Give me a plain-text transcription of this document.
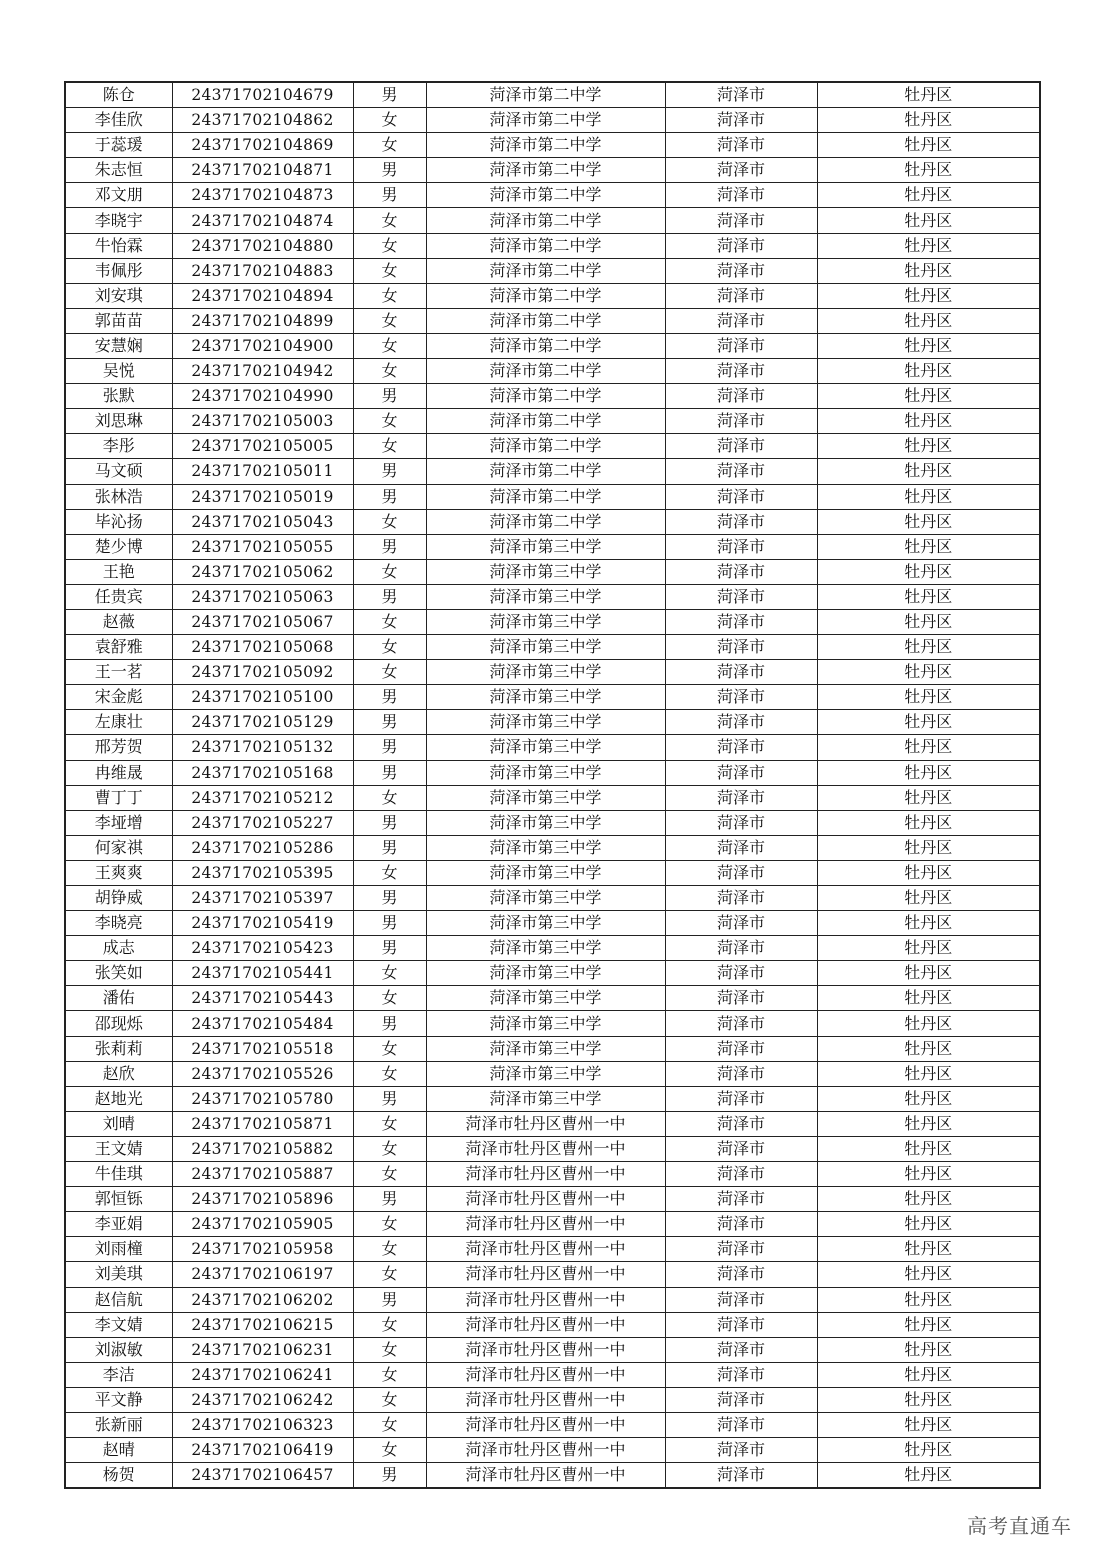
陈仓	24371702104679	男	菏泽市第二中学	菏泽市	牡丹区
李佳欣	24371702104862	女	菏泽市第二中学	菏泽市	牡丹区
于蕊瑗	24371702104869	女	菏泽市第二中学	菏泽市	牡丹区
朱志恒	24371702104871	男	菏泽市第二中学	菏泽市	牡丹区
邓文朋	24371702104873	男	菏泽市第二中学	菏泽市	牡丹区
李晓宇	24371702104874	女	菏泽市第二中学	菏泽市	牡丹区
牛怡霖	24371702104880	女	菏泽市第二中学	菏泽市	牡丹区
韦佩彤	24371702104883	女	菏泽市第二中学	菏泽市	牡丹区
刘安琪	24371702104894	女	菏泽市第二中学	菏泽市	牡丹区
郭苗苗	24371702104899	女	菏泽市第二中学	菏泽市	牡丹区
安慧娴	24371702104900	女	菏泽市第二中学	菏泽市	牡丹区
吴悦	24371702104942	女	菏泽市第二中学	菏泽市	牡丹区
张默	24371702104990	男	菏泽市第二中学	菏泽市	牡丹区
刘思琳	24371702105003	女	菏泽市第二中学	菏泽市	牡丹区
李彤	24371702105005	女	菏泽市第二中学	菏泽市	牡丹区
马文硕	24371702105011	男	菏泽市第二中学	菏泽市	牡丹区
张林浩	24371702105019	男	菏泽市第二中学	菏泽市	牡丹区
毕沁扬	24371702105043	女	菏泽市第二中学	菏泽市	牡丹区
楚少博	24371702105055	男	菏泽市第三中学	菏泽市	牡丹区
王艳	24371702105062	女	菏泽市第三中学	菏泽市	牡丹区
任贵宾	24371702105063	男	菏泽市第三中学	菏泽市	牡丹区
赵薇	24371702105067	女	菏泽市第三中学	菏泽市	牡丹区
袁舒雅	24371702105068	女	菏泽市第三中学	菏泽市	牡丹区
王一茗	24371702105092	女	菏泽市第三中学	菏泽市	牡丹区
宋金彪	24371702105100	男	菏泽市第三中学	菏泽市	牡丹区
左康壮	24371702105129	男	菏泽市第三中学	菏泽市	牡丹区
邢芳贺	24371702105132	男	菏泽市第三中学	菏泽市	牡丹区
冉维晟	24371702105168	男	菏泽市第三中学	菏泽市	牡丹区
曹丁丁	24371702105212	女	菏泽市第三中学	菏泽市	牡丹区
李垭增	24371702105227	男	菏泽市第三中学	菏泽市	牡丹区
何家祺	24371702105286	男	菏泽市第三中学	菏泽市	牡丹区
王爽爽	24371702105395	女	菏泽市第三中学	菏泽市	牡丹区
胡铮威	24371702105397	男	菏泽市第三中学	菏泽市	牡丹区
李晓亮	24371702105419	男	菏泽市第三中学	菏泽市	牡丹区
成志	24371702105423	男	菏泽市第三中学	菏泽市	牡丹区
张笑如	24371702105441	女	菏泽市第三中学	菏泽市	牡丹区
潘佑	24371702105443	女	菏泽市第三中学	菏泽市	牡丹区
邵现烁	24371702105484	男	菏泽市第三中学	菏泽市	牡丹区
张莉莉	24371702105518	女	菏泽市第三中学	菏泽市	牡丹区
赵欣	24371702105526	女	菏泽市第三中学	菏泽市	牡丹区
赵地光	24371702105780	男	菏泽市第三中学	菏泽市	牡丹区
刘晴	24371702105871	女	菏泽市牡丹区曹州一中	菏泽市	牡丹区
王文婧	24371702105882	女	菏泽市牡丹区曹州一中	菏泽市	牡丹区
牛佳琪	24371702105887	女	菏泽市牡丹区曹州一中	菏泽市	牡丹区
郭恒铄	24371702105896	男	菏泽市牡丹区曹州一中	菏泽市	牡丹区
李亚娟	24371702105905	女	菏泽市牡丹区曹州一中	菏泽市	牡丹区
刘雨橦	24371702105958	女	菏泽市牡丹区曹州一中	菏泽市	牡丹区
刘美琪	24371702106197	女	菏泽市牡丹区曹州一中	菏泽市	牡丹区
赵信航	24371702106202	男	菏泽市牡丹区曹州一中	菏泽市	牡丹区
李文婧	24371702106215	女	菏泽市牡丹区曹州一中	菏泽市	牡丹区
刘淑敏	24371702106231	女	菏泽市牡丹区曹州一中	菏泽市	牡丹区
李洁	24371702106241	女	菏泽市牡丹区曹州一中	菏泽市	牡丹区
平文静	24371702106242	女	菏泽市牡丹区曹州一中	菏泽市	牡丹区
张新丽	24371702106323	女	菏泽市牡丹区曹州一中	菏泽市	牡丹区
赵晴	24371702106419	女	菏泽市牡丹区曹州一中	菏泽市	牡丹区
杨贺	24371702106457	男	菏泽市牡丹区曹州一中	菏泽市	牡丹区
高考直通车
